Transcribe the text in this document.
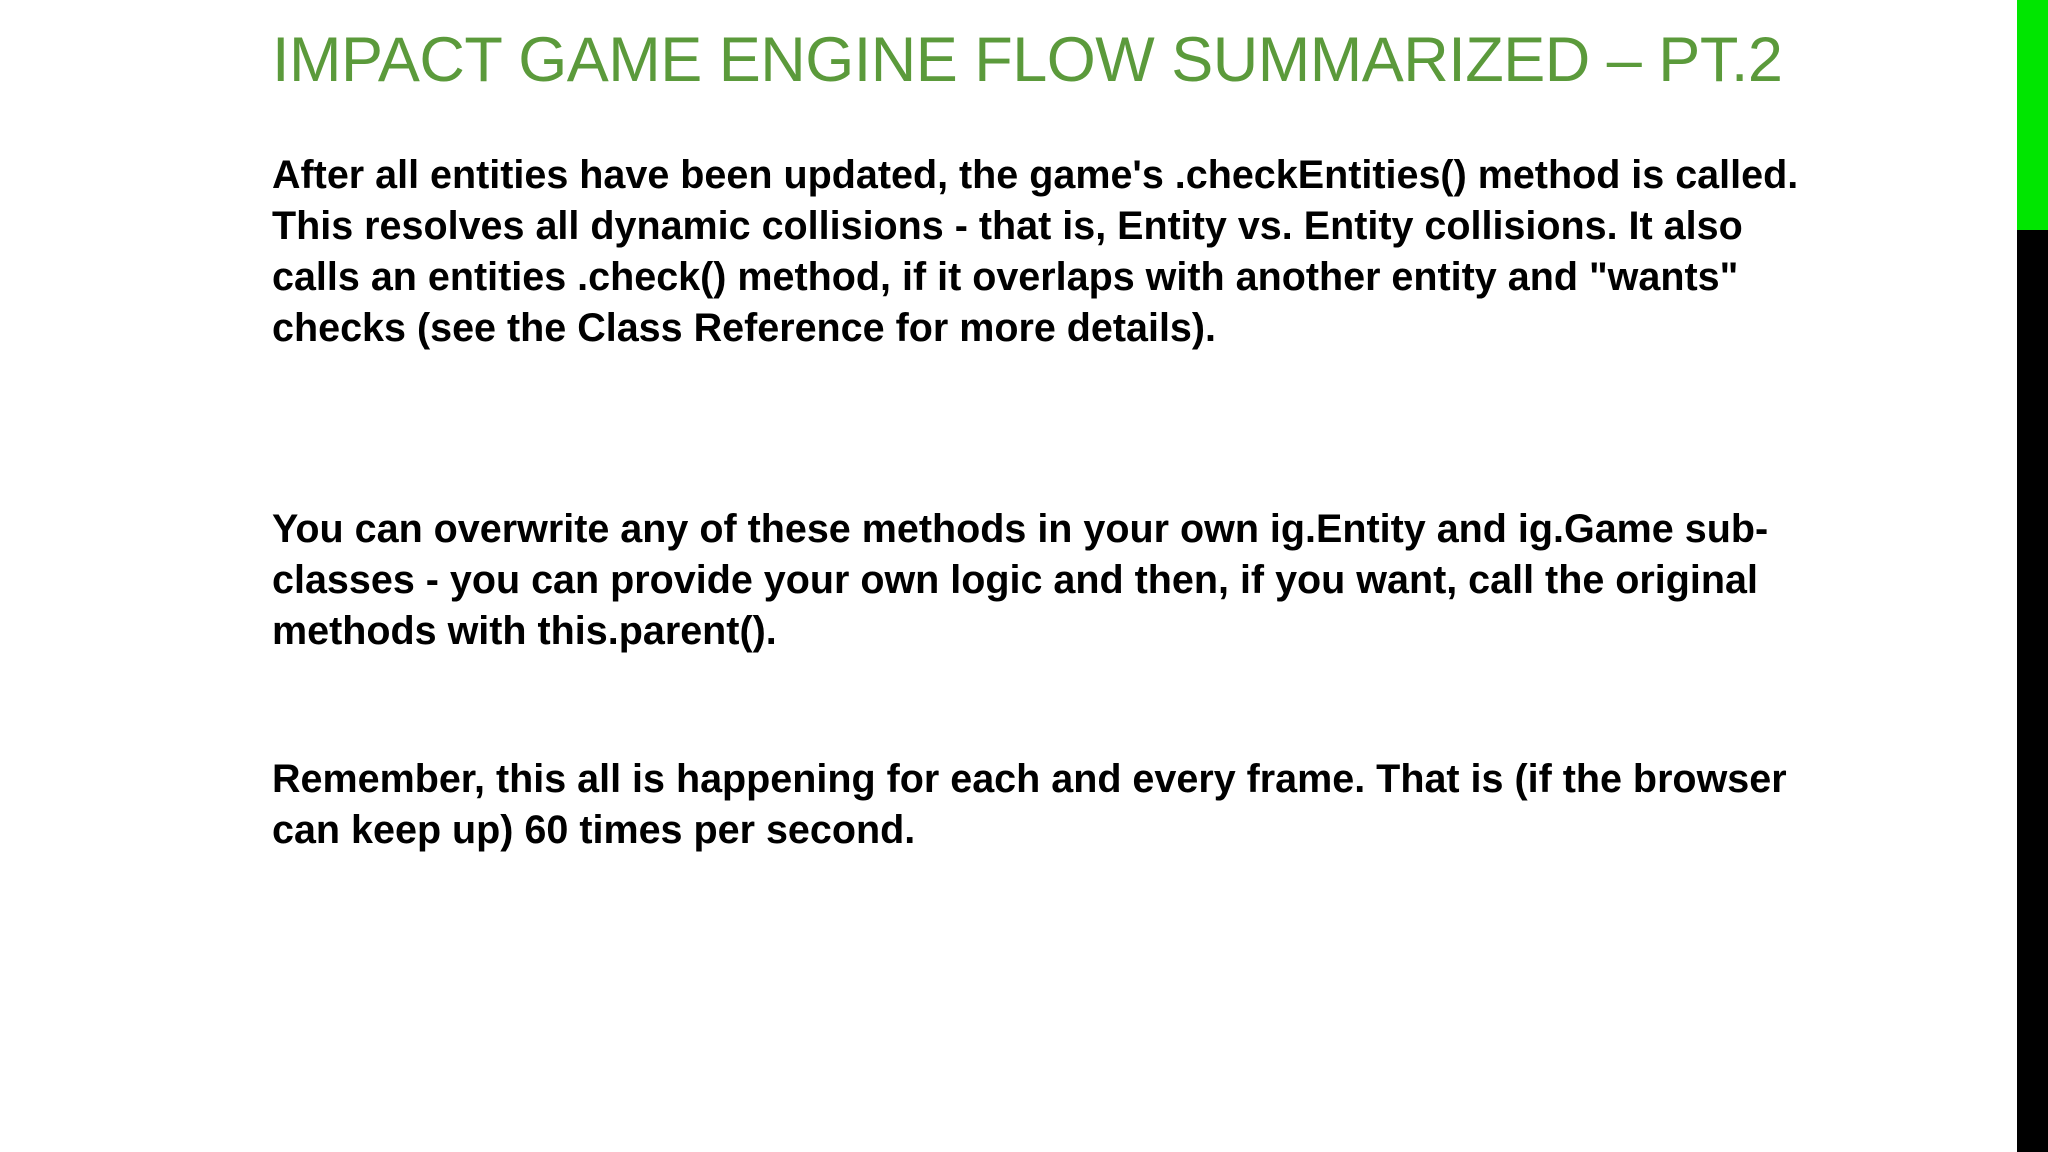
IMPACT GAME ENGINE FLOW SUMMARIZED – PT.2

After all entities have been updated, the game's .checkEntities() method is called. This resolves all dynamic collisions - that is, Entity vs. Entity collisions. It also calls an entities .check() method, if it overlaps with another entity and "wants" checks (see the Class Reference for more details).

You can overwrite any of these methods in your own ig.Entity and ig.Game sub-classes - you can provide your own logic and then, if you want, call the original methods with this.parent().

Remember, this all is happening for each and every frame. That is (if the browser can keep up) 60 times per second.
